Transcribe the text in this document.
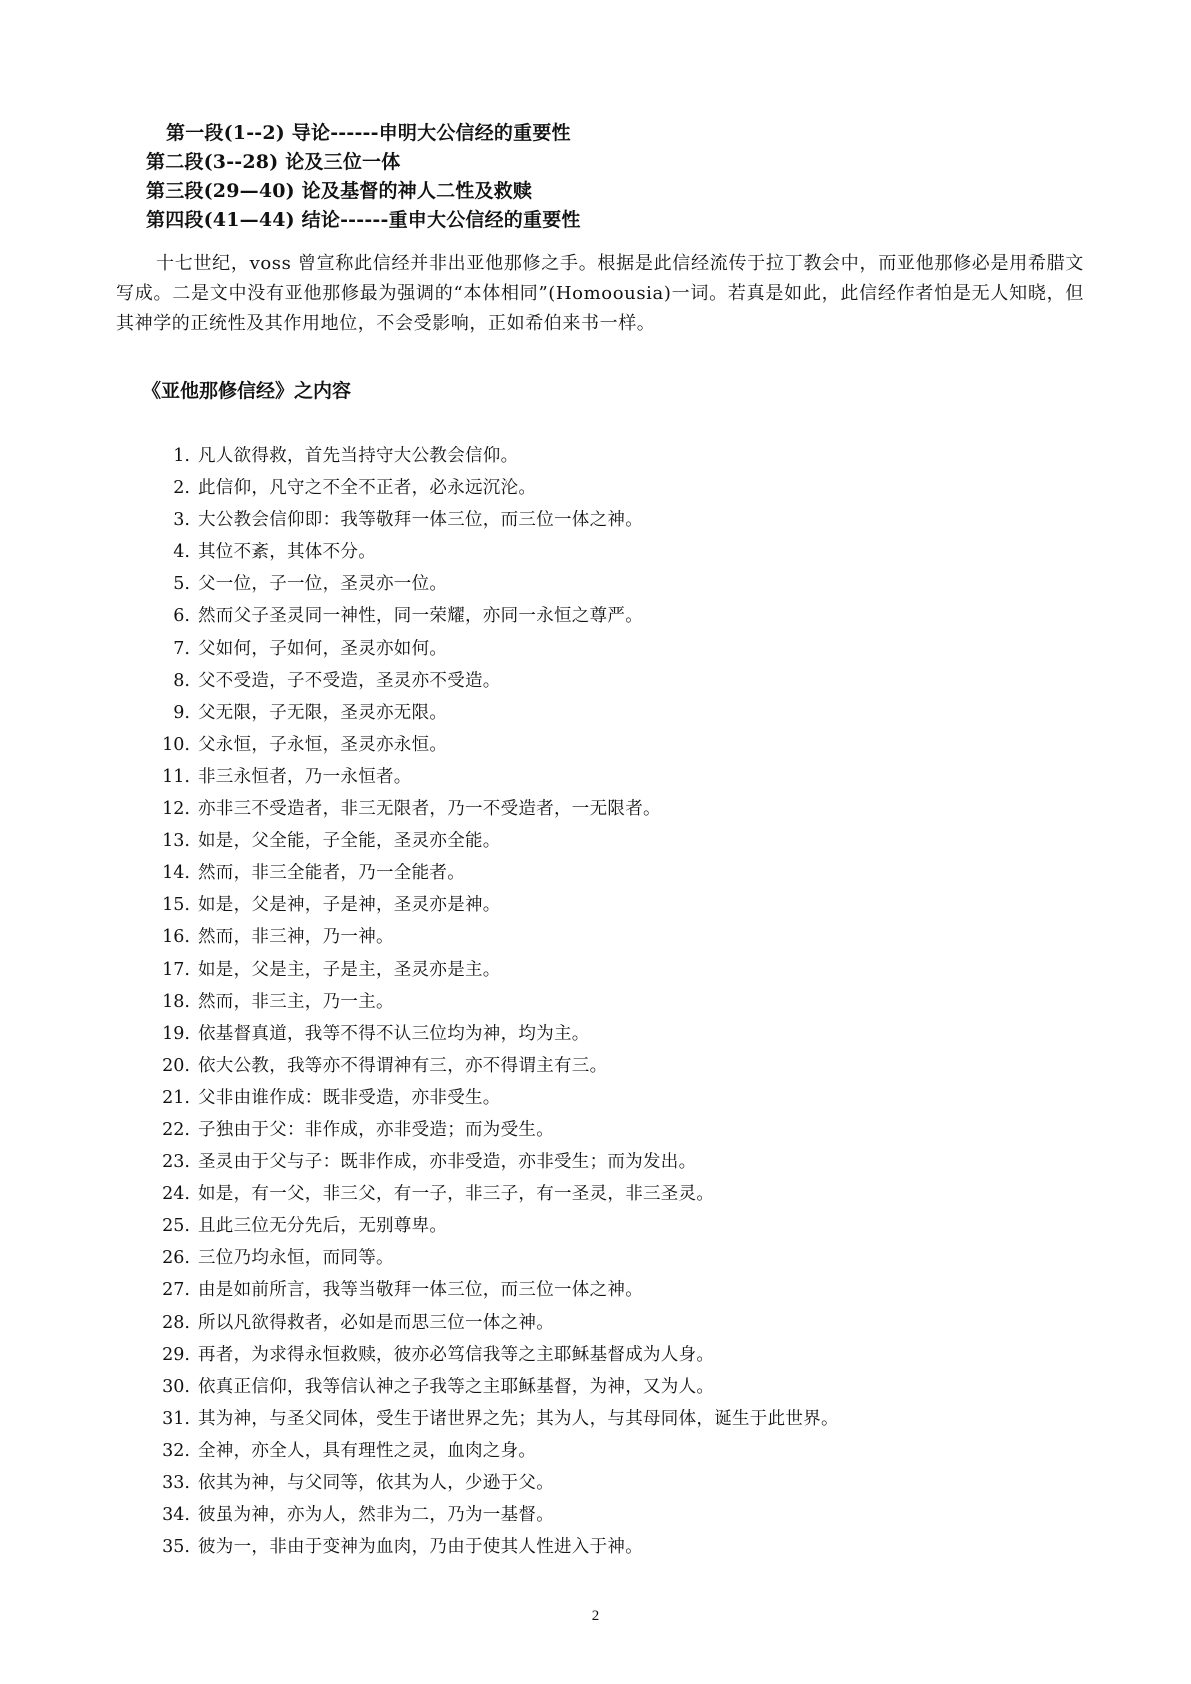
第一段(1--2) 导论------申明大公信经的重要性
第二段(3--28) 论及三位一体
第三段(29—40) 论及基督的神人二性及救赎
第四段(41—44) 结论------重申大公信经的重要性

十七世纪，voss 曾宣称此信经并非出亚他那修之手。根据是此信经流传于拉丁教会中，而亚他那修必是用希腊文写成。二是文中没有亚他那修最为强调的“本体相同”(Homoousia)一词。若真是如此，此信经作者怕是无人知晓，但其神学的正统性及其作用地位，不会受影响，正如希伯来书一样。

《亚他那修信经》之内容
1. 凡人欲得救，首先当持守大公教会信仰。
2. 此信仰，凡守之不全不正者，必永远沉沦。
3. 大公教会信仰即：我等敬拜一体三位，而三位一体之神。
4. 其位不紊，其体不分。
5. 父一位，子一位，圣灵亦一位。
6. 然而父子圣灵同一神性，同一荣耀，亦同一永恒之尊严。
7. 父如何，子如何，圣灵亦如何。
8. 父不受造，子不受造，圣灵亦不受造。
9. 父无限，子无限，圣灵亦无限。
10. 父永恒，子永恒，圣灵亦永恒。
11. 非三永恒者，乃一永恒者。
12. 亦非三不受造者，非三无限者，乃一不受造者，一无限者。
13. 如是，父全能，子全能，圣灵亦全能。
14. 然而，非三全能者，乃一全能者。
15. 如是，父是神，子是神，圣灵亦是神。
16. 然而，非三神，乃一神。
17. 如是，父是主，子是主，圣灵亦是主。
18. 然而，非三主，乃一主。
19. 依基督真道，我等不得不认三位均为神，均为主。
20. 依大公教，我等亦不得谓神有三，亦不得谓主有三。
21. 父非由谁作成：既非受造，亦非受生。
22. 子独由于父：非作成，亦非受造；而为受生。
23. 圣灵由于父与子：既非作成，亦非受造，亦非受生；而为发出。
24. 如是，有一父，非三父，有一子，非三子，有一圣灵，非三圣灵。
25. 且此三位无分先后，无别尊卑。
26. 三位乃均永恒，而同等。
27. 由是如前所言，我等当敬拜一体三位，而三位一体之神。
28. 所以凡欲得救者，必如是而思三位一体之神。
29. 再者，为求得永恒救赎，彼亦必笃信我等之主耶稣基督成为人身。
30. 依真正信仰，我等信认神之子我等之主耶稣基督，为神，又为人。
31. 其为神，与圣父同体，受生于诸世界之先；其为人，与其母同体，诞生于此世界。
32. 全神，亦全人，具有理性之灵，血肉之身。
33. 依其为神，与父同等，依其为人，少逊于父。
34. 彼虽为神，亦为人，然非为二，乃为一基督。
35. 彼为一，非由于变神为血肉，乃由于使其人性进入于神。
2
